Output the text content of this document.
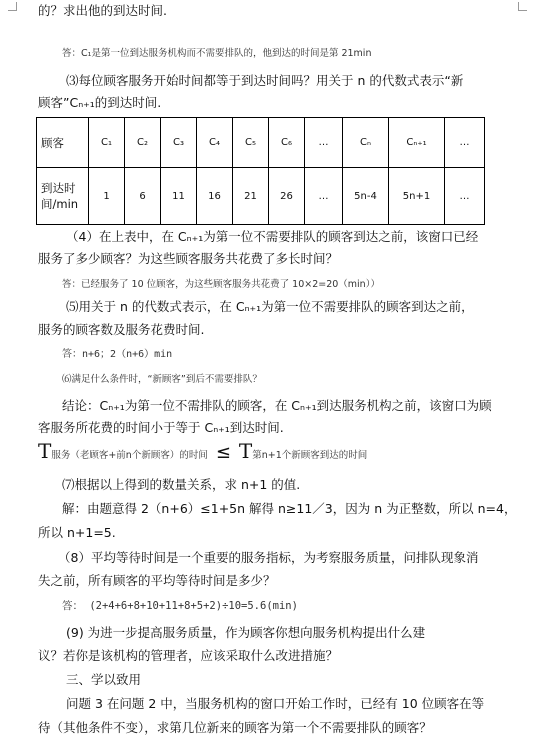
的？求出他的到达时间.
答：C₁是第一位到达服务机构而不需要排队的，他到达的时间是第 21min
⑶每位顾客服务开始时间都等于到达时间吗？用关于 n 的代数式表示“新
顾客”Cₙ₊₁的到达时间.
顾客	C₁	C₂	C₃	C₄	C₅	C₆	…	Cₙ	Cₙ₊₁	…
到达时间/min	1	6	11	16	21	26	…	5n-4	5n+1	…
（4）在上表中，在 Cₙ₊₁为第一位不需要排队的顾客到达之前，该窗口已经
服务了多少顾客？为这些顾客服务共花费了多长时间？
答：已经服务了 10 位顾客，为这些顾客服务共花费了 10×2=20（min））
⑸用关于 n 的代数式表示，在 Cₙ₊₁为第一位不需要排队的顾客到达之前，
服务的顾客数及服务花费时间.
答：n+6；2（n+6）min
⑹满足什么条件时，“新顾客”到后不需要排队？
结论：Cₙ₊₁为第一位不需排队的顾客，在 Cₙ₊₁到达服务机构之前，该窗口为顾
客服务所花费的时间小于等于 Cₙ₊₁到达时间.
T服务（老顾客+前n个新顾客）的时间 ≤ T第n+1个新顾客到达的时间
⑺根据以上得到的数量关系，求 n+1 的值.
解：由题意得 2（n+6）≤1+5n 解得 n≥11／3，因为 n 为正整数，所以 n=4，
所以 n+1=5.
（8）平均等待时间是一个重要的服务指标，为考察服务质量，问排队现象消
失之前，所有顾客的平均等待时间是多少？
答： (2+4+6+8+10+11+8+5+2)÷10=5.6(min)
(9) 为进一步提高服务质量，作为顾客你想向服务机构提出什么建
议？若你是该机构的管理者，应该采取什么改进措施？
三、学以致用
问题 3 在问题 2 中，当服务机构的窗口开始工作时，已经有 10 位顾客在等
待（其他条件不变），求第几位新来的顾客为第一个不需要排队的顾客？
